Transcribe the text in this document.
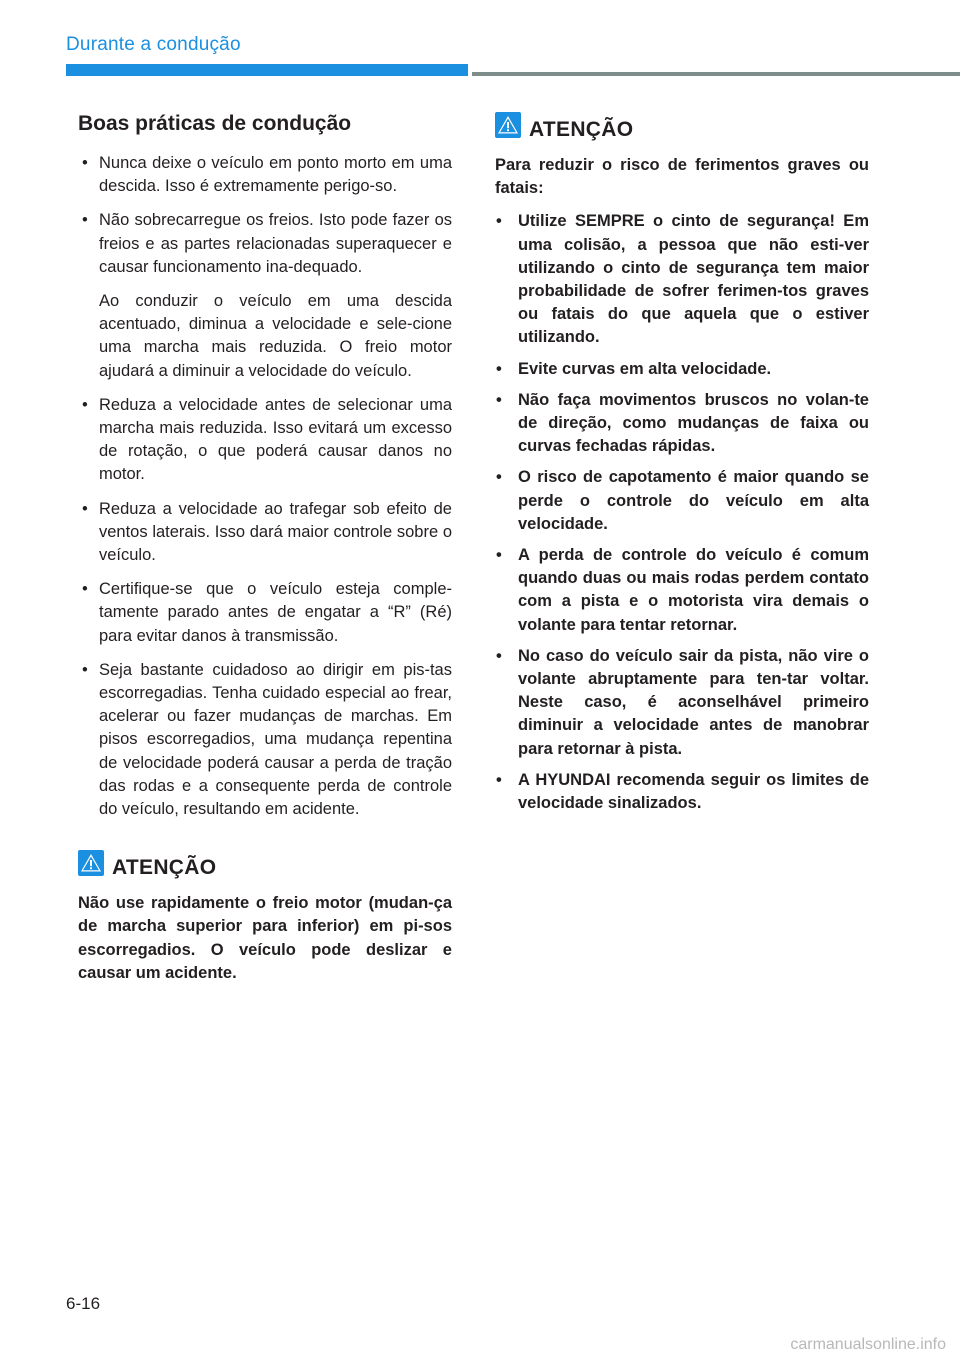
Durante a condução
Boas práticas de condução
• Nunca deixe o veículo em ponto morto em uma descida. Isso é extremamente perigo-so.
• Não sobrecarregue os freios. Isto pode fazer os freios e as partes relacionadas superaquecer e causar funcionamento ina-dequado.

Ao conduzir o veículo em uma descida acentuado, diminua a velocidade e sele-cione uma marcha mais reduzida. O freio motor ajudará a diminuir a velocidade do veículo.

• Reduza a velocidade antes de selecionar uma marcha mais reduzida. Isso evitará um excesso de rotação, o que poderá causar danos no motor.
• Reduza a velocidade ao trafegar sob efeito de ventos laterais. Isso dará maior controle sobre o veículo.
• Certifique-se que o veículo esteja comple-tamente parado antes de engatar a “R” (Ré) para evitar danos à transmissão.
• Seja bastante cuidadoso ao dirigir em pis-tas escorregadias. Tenha cuidado especial ao frear, acelerar ou fazer mudanças de marchas. Em pisos escorregadios, uma mudança repentina de velocidade poderá causar a perda de tração das rodas e a consequente perda de controle do veículo, resultando em acidente.
ATENÇÃO

Não use rapidamente o freio motor (mudan-ça de marcha superior para inferior) em pi-sos escorregadios. O veículo pode deslizar e causar um acidente.

ATENÇÃO

Para reduzir o risco de ferimentos graves ou fatais:

• Utilize SEMPRE o cinto de segurança! Em uma colisão, a pessoa que não esti-ver utilizando o cinto de segurança tem maior probabilidade de sofrer ferimen-tos graves ou fatais do que aquela que o estiver utilizando.
• Evite curvas em alta velocidade.
• Não faça movimentos bruscos no volan-te de direção, como mudanças de faixa ou curvas fechadas rápidas.
• O risco de capotamento é maior quando se perde o controle do veículo em alta velocidade.
• A perda de controle do veículo é comum quando duas ou mais rodas perdem contato com a pista e o motorista vira demais o volante para tentar retornar.
• No caso do veículo sair da pista, não vire o volante abruptamente para ten-tar voltar. Neste caso, é aconselhável primeiro diminuir a velocidade antes de manobrar para retornar à pista.
• A HYUNDAI recomenda seguir os limites de velocidade sinalizados.
6-16
carmanualsonline.info
